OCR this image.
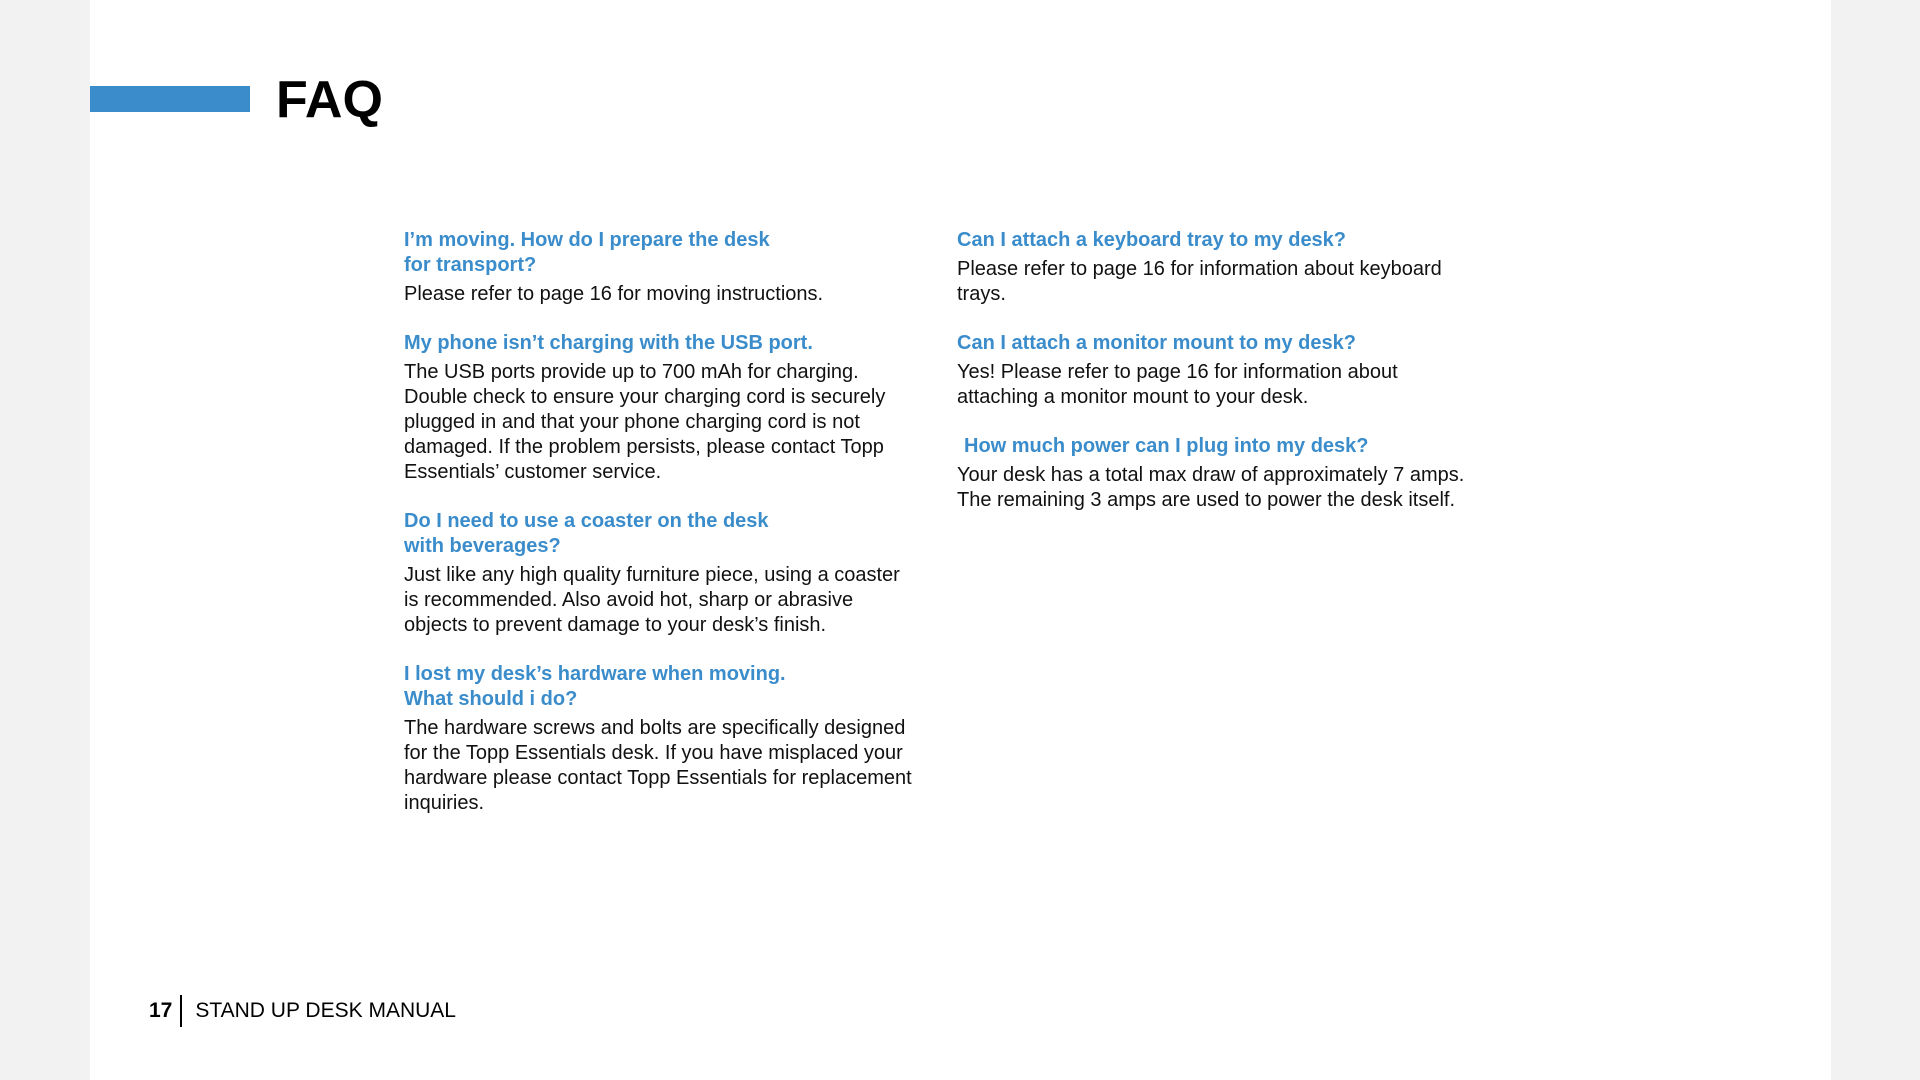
FAQ

I’m moving. How do I prepare the desk
for transport?

Please refer to page 16 for moving instructions.

My phone isn’t charging with the USB port.

The USB ports provide up to 700 mAh for charging. Double check to ensure your charging cord is securely plugged in and that your phone charging cord is not damaged. If the problem persists, please contact Topp Essentials’ customer service.

Do I need to use a coaster on the desk
with beverages?

Just like any high quality furniture piece, using a coaster is recommended. Also avoid hot, sharp or abrasive objects to prevent damage to your desk’s finish.

I lost my desk’s hardware when moving.
What should i do?

The hardware screws and bolts are specifically designed for the Topp Essentials desk. If you have misplaced your hardware please contact Topp Essentials for replacement inquiries.

Can I attach a keyboard tray to my desk?

Please refer to page 16 for information about keyboard trays.

Can I attach a monitor mount to my desk?

Yes! Please refer to page 16 for information about attaching a monitor mount to your desk.

How much power can I plug into my desk?

Your desk has a total max draw of approximately 7 amps. The remaining 3 amps are used to power the desk itself.

17	STAND UP DESK MANUAL
